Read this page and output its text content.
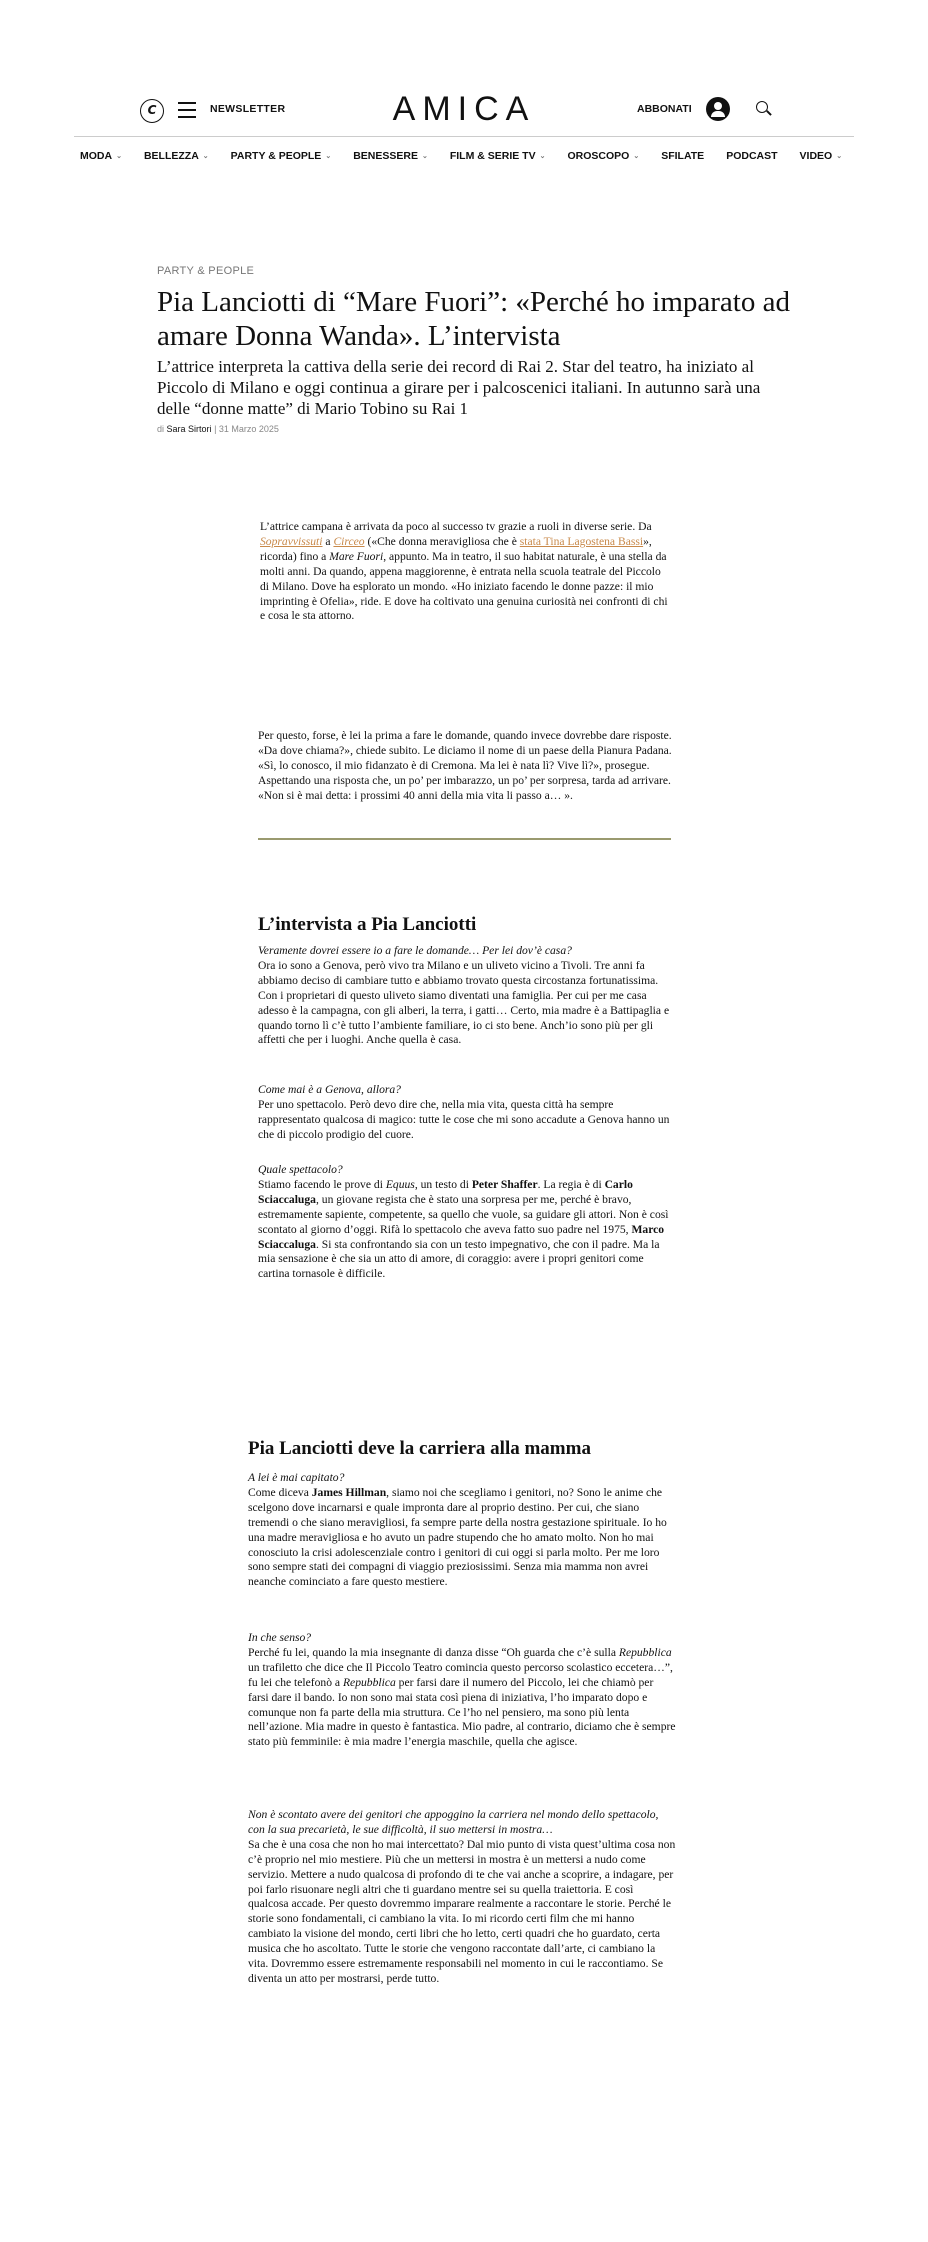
C	NEWSLETTER	AMICA	ABBONATI
MODA ⌄ BELLEZZA ⌄ PARTY & PEOPLE ⌄ BENESSERE ⌄ FILM & SERIE TV ⌄ OROSCOPO ⌄ SFILATE PODCAST VIDEO ⌄
PARTY & PEOPLE
Pia Lanciotti di “Mare Fuori”: «Perché ho imparato ad amare Donna Wanda». L’intervista
L’attrice interpreta la cattiva della serie dei record di Rai 2. Star del teatro, ha iniziato al Piccolo di Milano e oggi continua a girare per i palcoscenici italiani. In autunno sarà una delle “donne matte” di Mario Tobino su Rai 1
di Sara Sirtori | 31 Marzo 2025

L’attrice campana è arrivata da poco al successo tv grazie a ruoli in diverse serie. Da Sopravvissuti a Circeo («Che donna meravigliosa che è stata Tina Lagostena Bassi», ricorda) fino a Mare Fuori, appunto. Ma in teatro, il suo habitat naturale, è una stella da molti anni. Da quando, appena maggiorenne, è entrata nella scuola teatrale del Piccolo di Milano. Dove ha esplorato un mondo. «Ho iniziato facendo le donne pazze: il mio imprinting è Ofelia», ride. E dove ha coltivato una genuina curiosità nei confronti di chi e cosa le sta attorno.

Per questo, forse, è lei la prima a fare le domande, quando invece dovrebbe dare risposte. «Da dove chiama?», chiede subito. Le diciamo il nome di un paese della Pianura Padana. «Sì, lo conosco, il mio fidanzato è di Cremona. Ma lei è nata lì? Vive lì?», prosegue. Aspettando una risposta che, un po’ per imbarazzo, un po’ per sorpresa, tarda ad arrivare. «Non si è mai detta: i prossimi 40 anni della mia vita li passo a… ».

L’intervista a Pia Lanciotti

Veramente dovrei essere io a fare le domande… Per lei dov’è casa?
Ora io sono a Genova, però vivo tra Milano e un uliveto vicino a Tivoli. Tre anni fa abbiamo deciso di cambiare tutto e abbiamo trovato questa circostanza fortunatissima. Con i proprietari di questo uliveto siamo diventati una famiglia. Per cui per me casa adesso è la campagna, con gli alberi, la terra, i gatti… Certo, mia madre è a Battipaglia e quando torno lì c’è tutto l’ambiente familiare, io ci sto bene. Anch’io sono più per gli affetti che per i luoghi. Anche quella è casa.

Come mai è a Genova, allora?
Per uno spettacolo. Però devo dire che, nella mia vita, questa città ha sempre rappresentato qualcosa di magico: tutte le cose che mi sono accadute a Genova hanno un che di piccolo prodigio del cuore.

Quale spettacolo?
Stiamo facendo le prove di Equus, un testo di Peter Shaffer. La regia è di Carlo Sciaccaluga, un giovane regista che è stato una sorpresa per me, perché è bravo, estremamente sapiente, competente, sa quello che vuole, sa guidare gli attori. Non è così scontato al giorno d’oggi. Rifà lo spettacolo che aveva fatto suo padre nel 1975, Marco Sciaccaluga. Si sta confrontando sia con un testo impegnativo, che con il padre. Ma la mia sensazione è che sia un atto di amore, di coraggio: avere i propri genitori come cartina tornasole è difficile.

Pia Lanciotti deve la carriera alla mamma

A lei è mai capitato?
Come diceva James Hillman, siamo noi che scegliamo i genitori, no? Sono le anime che scelgono dove incarnarsi e quale impronta dare al proprio destino. Per cui, che siano tremendi o che siano meravigliosi, fa sempre parte della nostra gestazione spirituale. Io ho una madre meravigliosa e ho avuto un padre stupendo che ho amato molto. Non ho mai conosciuto la crisi adolescenziale contro i genitori di cui oggi si parla molto. Per me loro sono sempre stati dei compagni di viaggio preziosissimi. Senza mia mamma non avrei neanche cominciato a fare questo mestiere.

In che senso?
Perché fu lei, quando la mia insegnante di danza disse “Oh guarda che c’è sulla Repubblica un trafiletto che dice che Il Piccolo Teatro comincia questo percorso scolastico eccetera…”, fu lei che telefonò a Repubblica per farsi dare il numero del Piccolo, lei che chiamò per farsi dare il bando. Io non sono mai stata così piena di iniziativa, l’ho imparato dopo e comunque non fa parte della mia struttura. Ce l’ho nel pensiero, ma sono più lenta nell’azione. Mia madre in questo è fantastica. Mio padre, al contrario, diciamo che è sempre stato più femminile: è mia madre l’energia maschile, quella che agisce.

Non è scontato avere dei genitori che appoggino la carriera nel mondo dello spettacolo, con la sua precarietà, le sue difficoltà, il suo mettersi in mostra…
Sa che è una cosa che non ho mai intercettato? Dal mio punto di vista quest’ultima cosa non c’è proprio nel mio mestiere. Più che un mettersi in mostra è un mettersi a nudo come servizio. Mettere a nudo qualcosa di profondo di te che vai anche a scoprire, a indagare, per poi farlo risuonare negli altri che ti guardano mentre sei su quella traiettoria. E così qualcosa accade. Per questo dovremmo imparare realmente a raccontare le storie. Perché le storie sono fondamentali, ci cambiano la vita. Io mi ricordo certi film che mi hanno cambiato la visione del mondo, certi libri che ho letto, certi quadri che ho guardato, certa musica che ho ascoltato. Tutte le storie che vengono raccontate dall’arte, ci cambiano la vita. Dovremmo essere estremamente responsabili nel momento in cui le raccontiamo. Se diventa un atto per mostrarsi, perde tutto.
